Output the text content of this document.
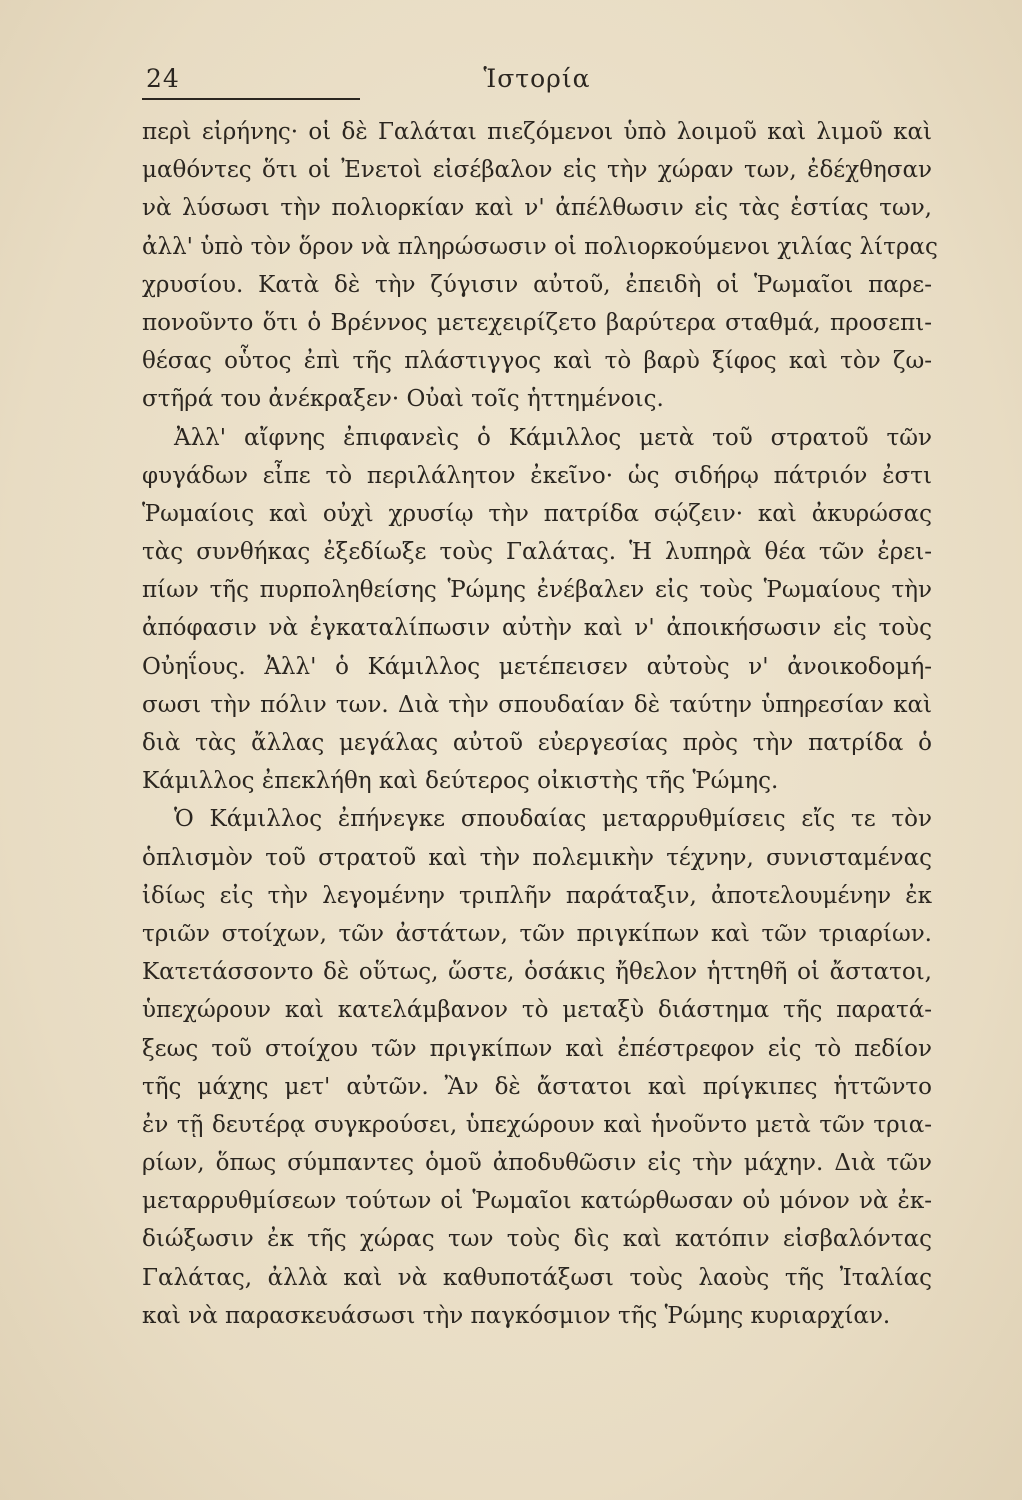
24	Ἱστορία
περὶ εἰρήνης· οἱ δὲ Γαλάται πιεζόμενοι ὑπὸ λοιμοῦ καὶ λιμοῦ καὶ
μαθόντες ὅτι οἱ Ἐνετοὶ εἰσέβαλον εἰς τὴν χώραν των, ἐδέχθησαν
νὰ λύσωσι τὴν πολιορκίαν καὶ ν' ἀπέλθωσιν εἰς τὰς ἑστίας των,
ἀλλ' ὑπὸ τὸν ὅρον νὰ πληρώσωσιν οἱ πολιορκούμενοι χιλίας λίτρας
χρυσίου. Κατὰ δὲ τὴν ζύγισιν αὐτοῦ, ἐπειδὴ οἱ Ῥωμαῖοι παρε-
πονοῦντο ὅτι ὁ Βρέννος μετεχειρίζετο βαρύτερα σταθμά, προσεπι-
θέσας οὗτος ἐπὶ τῆς πλάστιγγος καὶ τὸ βαρὺ ξίφος καὶ τὸν ζω-
στῆρά του ἀνέκραξεν· Οὐαὶ τοῖς ἡττημένοις.
Ἀλλ' αἴφνης ἐπιφανεὶς ὁ Κάμιλλος μετὰ τοῦ στρατοῦ τῶν
φυγάδων εἶπε τὸ περιλάλητον ἐκεῖνο· ὡς σιδήρῳ πάτριόν ἐστι
Ῥωμαίοις καὶ οὐχὶ χρυσίῳ τὴν πατρίδα σῴζειν· καὶ ἀκυρώσας
τὰς συνθήκας ἐξεδίωξε τοὺς Γαλάτας. Ἡ λυπηρὰ θέα τῶν ἐρει-
πίων τῆς πυρποληθείσης Ῥώμης ἐνέβαλεν εἰς τοὺς Ῥωμαίους τὴν
ἀπόφασιν νὰ ἐγκαταλίπωσιν αὐτὴν καὶ ν' ἀποικήσωσιν εἰς τοὺς
Οὐηΐους. Ἀλλ' ὁ Κάμιλλος μετέπεισεν αὐτοὺς ν' ἀνοικοδομή-
σωσι τὴν πόλιν των. Διὰ τὴν σπουδαίαν δὲ ταύτην ὑπηρεσίαν καὶ
διὰ τὰς ἄλλας μεγάλας αὐτοῦ εὐεργεσίας πρὸς τὴν πατρίδα ὁ
Κάμιλλος ἐπεκλήθη καὶ δεύτερος οἰκιστὴς τῆς Ῥώμης.
Ὁ Κάμιλλος ἐπήνεγκε σπουδαίας μεταρρυθμίσεις εἴς τε τὸν
ὁπλισμὸν τοῦ στρατοῦ καὶ τὴν πολεμικὴν τέχνην, συνισταμένας
ἰδίως εἰς τὴν λεγομένην τριπλῆν παράταξιν, ἀποτελουμένην ἐκ
τριῶν στοίχων, τῶν ἀστάτων, τῶν πριγκίπων καὶ τῶν τριαρίων.
Κατετάσσοντο δὲ οὕτως, ὥστε, ὁσάκις ἤθελον ἡττηθῆ οἱ ἄστατοι,
ὑπεχώρουν καὶ κατελάμβανον τὸ μεταξὺ διάστημα τῆς παρατά-
ξεως τοῦ στοίχου τῶν πριγκίπων καὶ ἐπέστρεφον εἰς τὸ πεδίον
τῆς μάχης μετ' αὐτῶν. Ἂν δὲ ἄστατοι καὶ πρίγκιπες ἡττῶντο
ἐν τῇ δευτέρᾳ συγκρούσει, ὑπεχώρουν καὶ ἡνοῦντο μετὰ τῶν τρια-
ρίων, ὅπως σύμπαντες ὁμοῦ ἀποδυθῶσιν εἰς τὴν μάχην. Διὰ τῶν
μεταρρυθμίσεων τούτων οἱ Ῥωμαῖοι κατώρθωσαν οὐ μόνον νὰ ἐκ-
διώξωσιν ἐκ τῆς χώρας των τοὺς δὶς καὶ κατόπιν εἰσβαλόντας
Γαλάτας, ἀλλὰ καὶ νὰ καθυποτάξωσι τοὺς λαοὺς τῆς Ἰταλίας
καὶ νὰ παρασκευάσωσι τὴν παγκόσμιον τῆς Ῥώμης κυριαρχίαν.
